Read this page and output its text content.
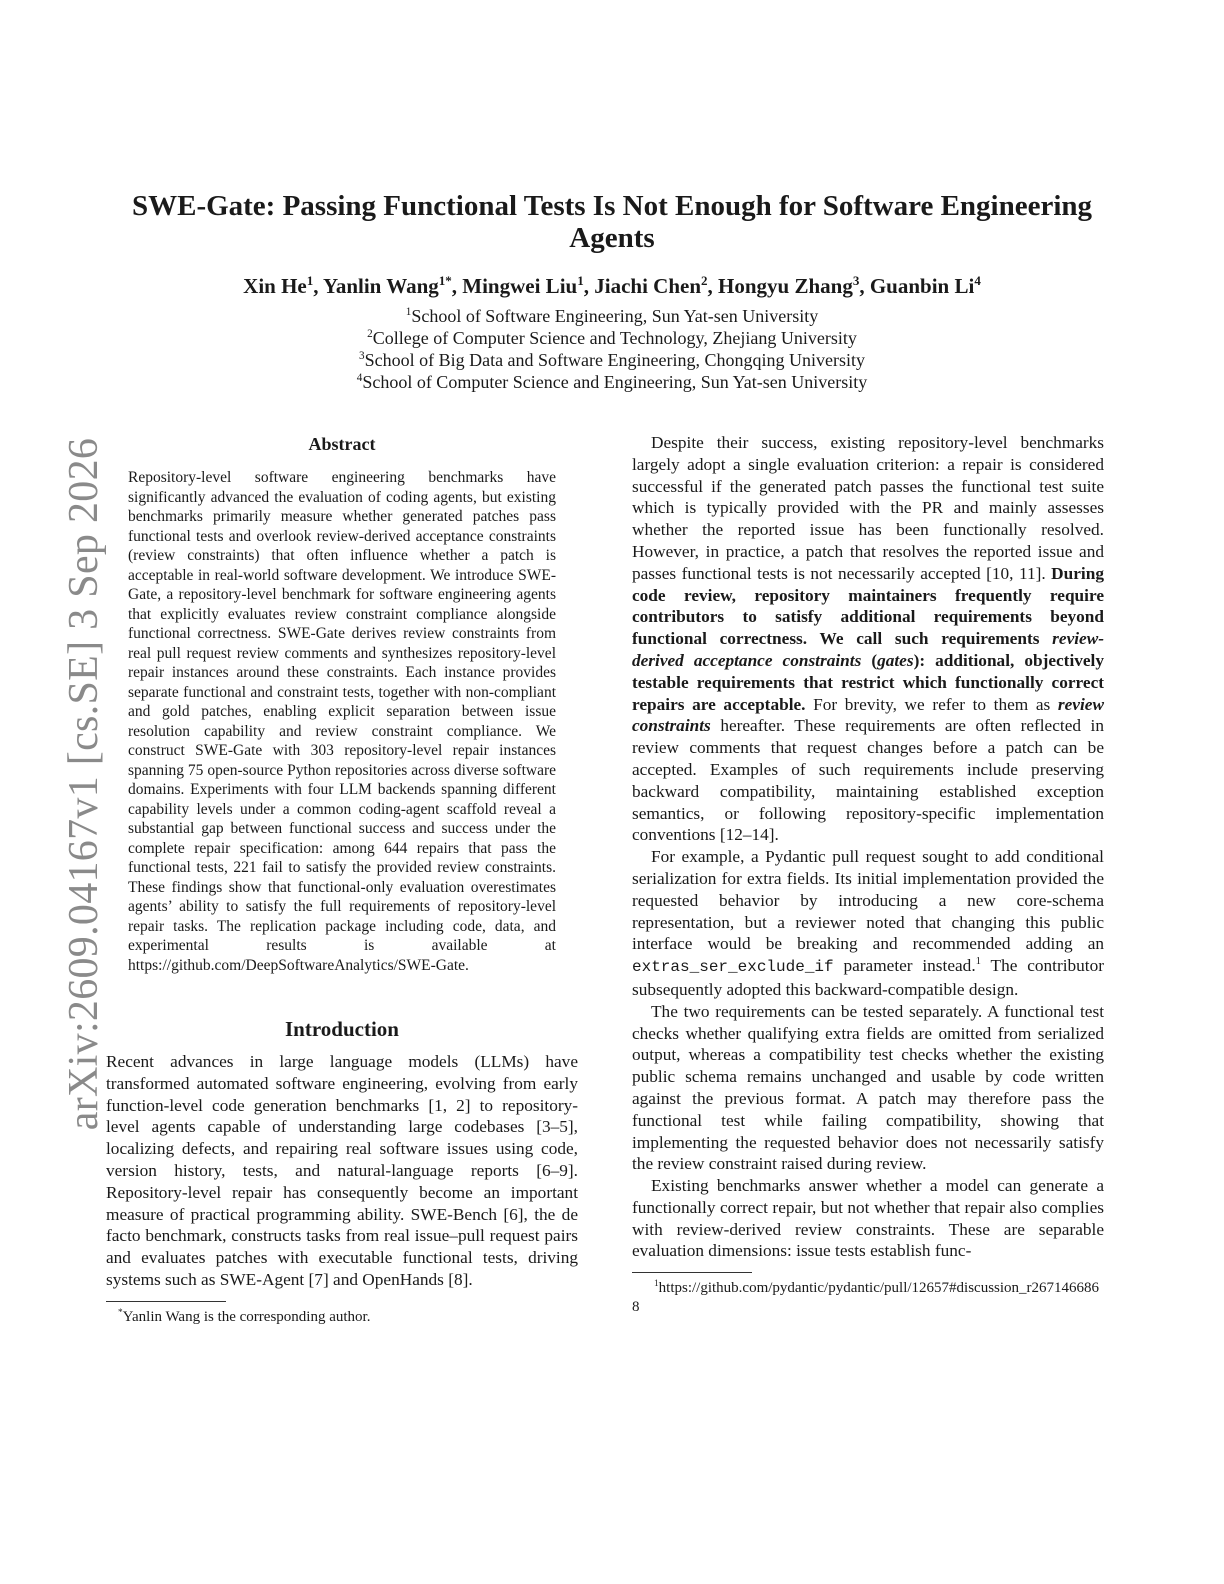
arXiv:2609.04167v1 [cs.SE] 3 Sep 2026
SWE-Gate: Passing Functional Tests Is Not Enough for Software Engineering Agents
Xin He$^1$, Yanlin Wang$^{1*}$, Mingwei Liu$^1$, Jiachi Chen$^2$, Hongyu Zhang$^3$, Guanbin Li$^4$
$^1$School of Software Engineering, Sun Yat-sen University
$^2$College of Computer Science and Technology, Zhejiang University
$^3$School of Big Data and Software Engineering, Chongqing University
$^4$School of Computer Science and Engineering, Sun Yat-sen University
Abstract

Repository-level software engineering benchmarks have significantly advanced the evaluation of coding agents, but existing benchmarks primarily measure whether generated patches pass functional tests and overlook review-derived acceptance constraints (review constraints) that often influence whether a patch is acceptable in real-world software development. We introduce SWE-Gate, a repository-level benchmark for software engineering agents that explicitly evaluates review constraint compliance alongside functional correctness. SWE-Gate derives review constraints from real pull request review comments and synthesizes repository-level repair instances around these constraints. Each instance provides separate functional and constraint tests, together with non-compliant and gold patches, enabling explicit separation between issue resolution capability and review constraint compliance. We construct SWE-Gate with 303 repository-level repair instances spanning 75 open-source Python repositories across diverse software domains. Experiments with four LLM backends spanning different capability levels under a common coding-agent scaffold reveal a substantial gap between functional success and success under the complete repair specification: among 644 repairs that pass the functional tests, 221 fail to satisfy the provided review constraints. These findings show that functional-only evaluation overestimates agents’ ability to satisfy the full requirements of repository-level repair tasks. The replication package including code, data, and experimental results is available at https://github.com/DeepSoftwareAnalytics/SWE-Gate.

Introduction

Recent advances in large language models (LLMs) have transformed automated software engineering, evolving from early function-level code generation benchmarks [1, 2] to repository-level agents capable of understanding large codebases [3–5], localizing defects, and repairing real software issues using code, version history, tests, and natural-language reports [6–9]. Repository-level repair has consequently become an important measure of practical programming ability. SWE-Bench [6], the de facto benchmark, constructs tasks from real issue–pull request pairs and evaluates patches with executable functional tests, driving systems such as SWE-Agent [7] and OpenHands [8].

*Yanlin Wang is the corresponding author.

Despite their success, existing repository-level benchmarks largely adopt a single evaluation criterion: a repair is considered successful if the generated patch passes the functional test suite which is typically provided with the PR and mainly assesses whether the reported issue has been functionally resolved. However, in practice, a patch that resolves the reported issue and passes functional tests is not necessarily accepted [10, 11]. During code review, repository maintainers frequently require contributors to satisfy additional requirements beyond functional correctness. We call such requirements review-derived acceptance constraints (gates): additional, objectively testable requirements that restrict which functionally correct repairs are acceptable. For brevity, we refer to them as review constraints hereafter. These requirements are often reflected in review comments that request changes before a patch can be accepted. Examples of such requirements include preserving backward compatibility, maintaining established exception semantics, or following repository-specific implementation conventions [12–14].

For example, a Pydantic pull request sought to add conditional serialization for extra fields. Its initial implementation provided the requested behavior by introducing a new core-schema representation, but a reviewer noted that changing this public interface would be breaking and recommended adding an extras_ser_exclude_if parameter instead.$^1$ The contributor subsequently adopted this backward-compatible design.

The two requirements can be tested separately. A functional test checks whether qualifying extra fields are omitted from serialized output, whereas a compatibility test checks whether the existing public schema remains unchanged and usable by code written against the previous format. A patch may therefore pass the functional test while failing compatibility, showing that implementing the requested behavior does not necessarily satisfy the review constraint raised during review.

Existing benchmarks answer whether a model can generate a functionally correct repair, but not whether that repair also complies with review-derived review constraints. These are separable evaluation dimensions: issue tests establish func-

$^1$https://github.com/pydantic/pydantic/pull/12657#discussion_r2671466868
